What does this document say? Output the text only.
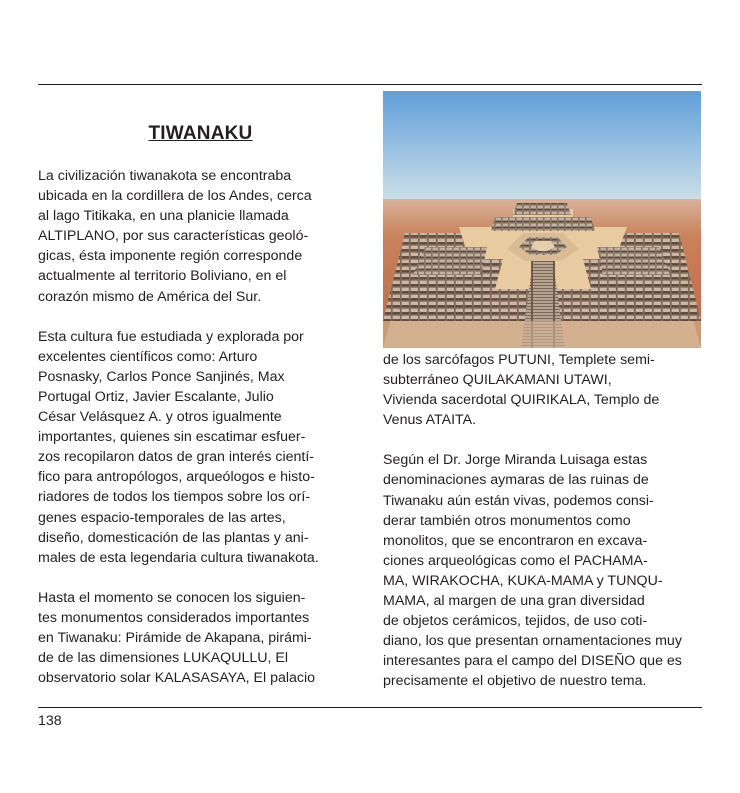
TIWANAKU

La civilización tiwanakota se encontraba
ubicada en la cordillera de los Andes, cerca
al lago Titikaka, en una planicie llamada
ALTIPLANO, por sus características geoló-
gicas, ésta imponente región corresponde
actualmente al territorio Boliviano, en el
corazón mismo de América del Sur.

Esta cultura fue estudiada y explorada por
excelentes científicos como: Arturo
Posnasky, Carlos Ponce Sanjinés, Max
Portugal Ortiz, Javier Escalante, Julio
César Velásquez A. y otros igualmente
importantes, quienes sin escatimar esfuer-
zos recopilaron datos de gran interés cientí-
fico para antropólogos, arqueólogos e histo-
riadores de todos los tiempos sobre los orí-
genes espacio-temporales de las artes,
diseño, domesticación de las plantas y ani-
males de esta legendaria cultura tiwanakota.

Hasta el momento se conocen los siguien-
tes monumentos considerados importantes
en Tiwanaku: Pirámide de Akapana, pirámi-
de de las dimensiones LUKAQULLU, El
observatorio solar KALASASAYA, El palacio

de los sarcófagos PUTUNI, Templete semi-
subterráneo QUILAKAMANI UTAWI,
Vivienda sacerdotal QUIRIKALA, Templo de
Venus ATAITA.

Según el Dr. Jorge Miranda Luisaga estas
denominaciones aymaras de las ruinas de
Tiwanaku aún están vivas, podemos consi-
derar también otros monumentos como
monolitos, que se encontraron en excava-
ciones arqueológicas como el PACHAMA-
MA, WIRAKOCHA, KUKA-MAMA y TUNQU-
MAMA, al margen de una gran diversidad
de objetos cerámicos, tejidos, de uso coti-
diano, los que presentan ornamentaciones muy
interesantes para el campo del DISEÑO que es
precisamente el objetivo de nuestro tema.

138
